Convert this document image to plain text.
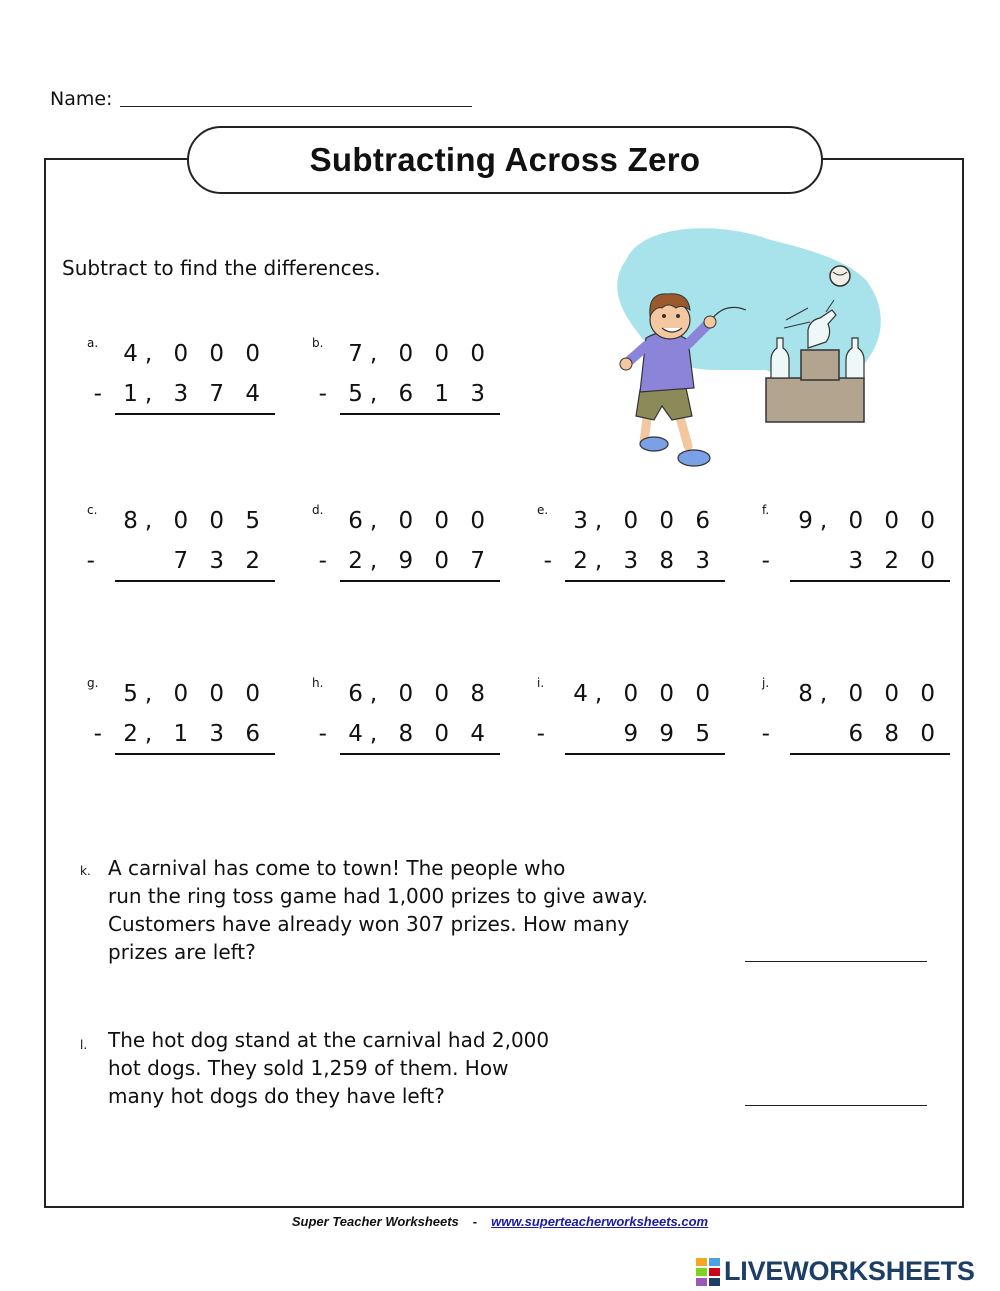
Name:
Subtracting Across Zero
Subtract to find the differences.
a. 4, 0 0 0
- 1, 3 7 4
b. 7, 0 0 0
- 5, 6 1 3
c. 8, 0 0 5
-     7 3 2
d. 6, 0 0 0
- 2, 9 0 7
e. 3, 0 0 6
- 2, 3 8 3
f. 9, 0 0 0
-     3 2 0
g. 5, 0 0 0
- 2, 1 3 6
h. 6, 0 0 8
- 4, 8 0 4
i. 4, 0 0 0
-     9 9 5
j. 8, 0 0 0
-     6 8 0
k. A carnival has come to town! The people who
run the ring toss game had 1,000 prizes to give away.
Customers have already won 307 prizes. How many
prizes are left?
l. The hot dog stand at the carnival had 2,000
hot dogs. They sold 1,259 of them. How
many hot dogs do they have left?
Super Teacher Worksheets - www.superteacherworksheets.com
LIVEWORKSHEETS
